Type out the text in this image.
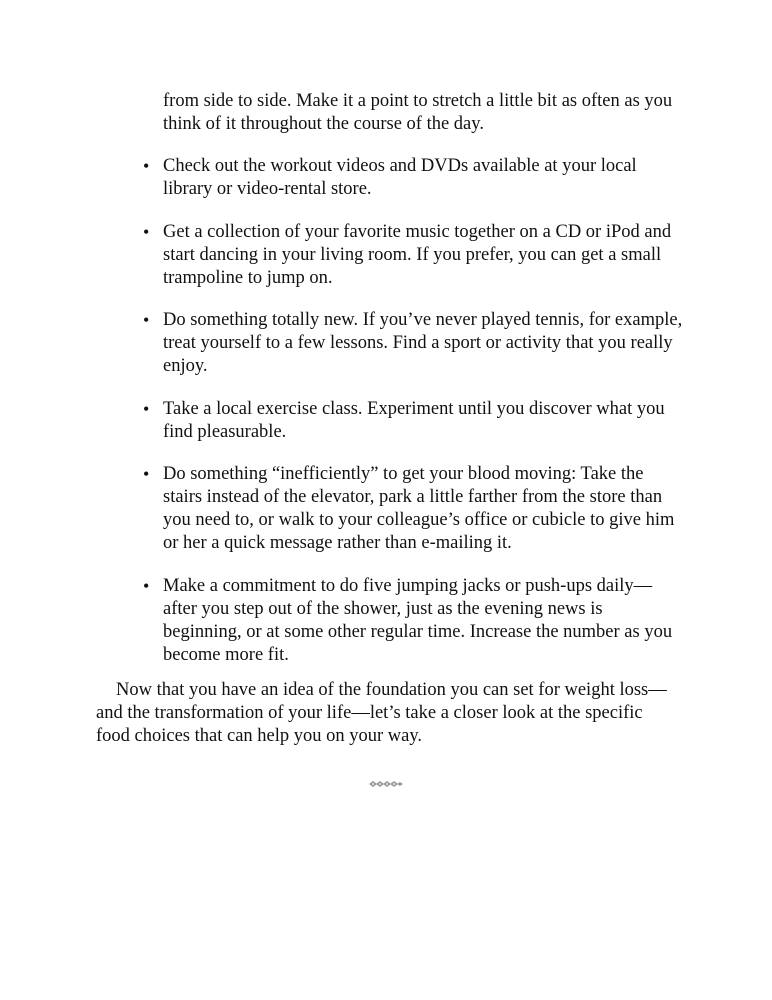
from side to side. Make it a point to stretch a little bit as often as you think of it throughout the course of the day.

• Check out the workout videos and DVDs available at your local library or video-rental store.
• Get a collection of your favorite music together on a CD or iPod and start dancing in your living room. If you prefer, you can get a small trampoline to jump on.
• Do something totally new. If you’ve never played tennis, for example, treat yourself to a few lessons. Find a sport or activity that you really enjoy.
• Take a local exercise class. Experiment until you discover what you find pleasurable.
• Do something “inefficiently” to get your blood moving: Take the stairs instead of the elevator, park a little farther from the store than you need to, or walk to your colleague’s office or cubicle to give him or her a quick message rather than e-mailing it.
• Make a commitment to do five jumping jacks or push-ups daily—after you step out of the shower, just as the evening news is beginning, or at some other regular time. Increase the number as you become more fit.

Now that you have an idea of the foundation you can set for weight loss—and the transformation of your life—let’s take a closer look at the specific food choices that can help you on your way.
